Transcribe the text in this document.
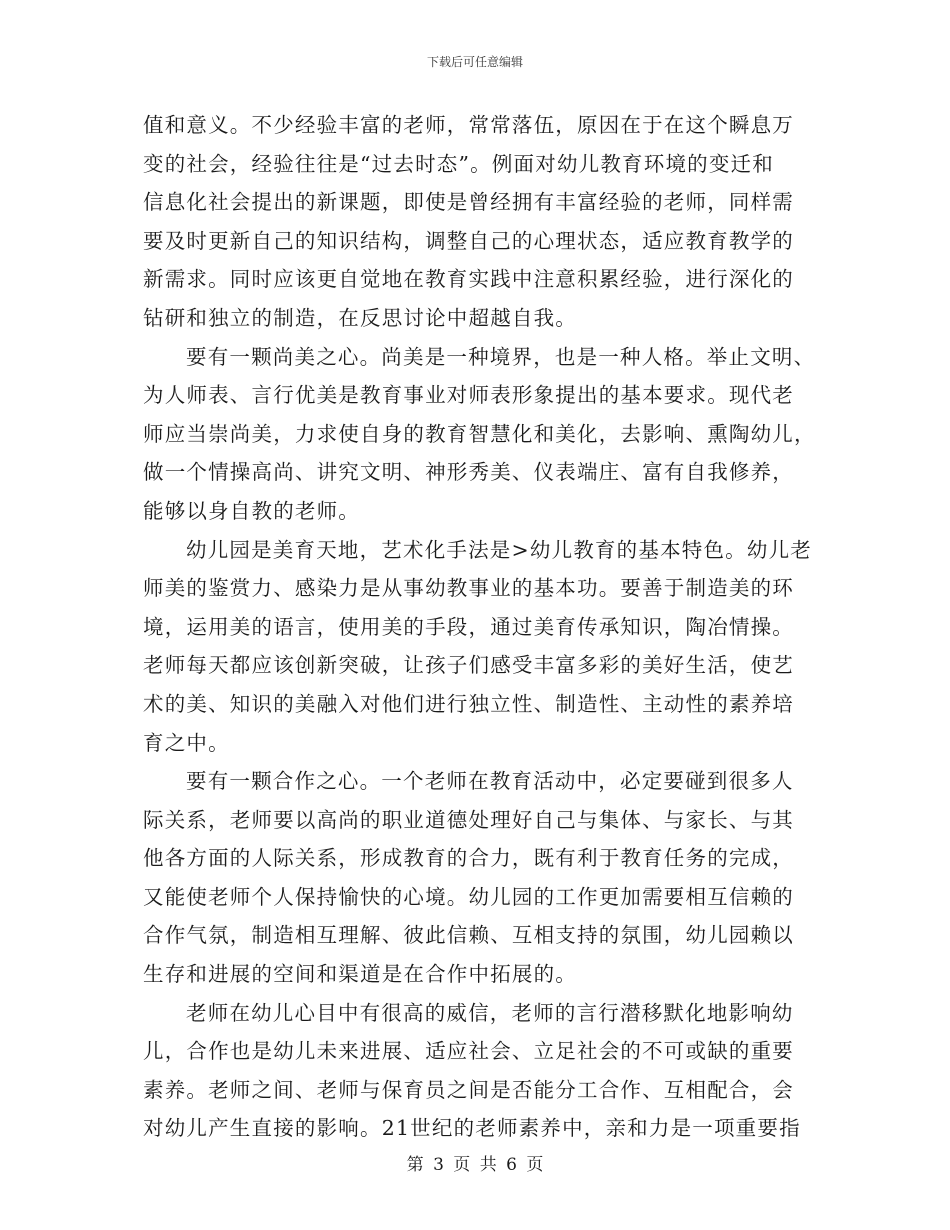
下载后可任意编辑
值和意义。不少经验丰富的老师，常常落伍，原因在于在这个瞬息万
变的社会，经验往往是“过去时态”。例面对幼儿教育环境的变迁和
信息化社会提出的新课题，即使是曾经拥有丰富经验的老师，同样需
要及时更新自己的知识结构，调整自己的心理状态，适应教育教学的
新需求。同时应该更自觉地在教育实践中注意积累经验，进行深化的
钻研和独立的制造，在反思讨论中超越自我。
要有一颗尚美之心。尚美是一种境界，也是一种人格。举止文明、
为人师表、言行优美是教育事业对师表形象提出的基本要求。现代老
师应当崇尚美，力求使自身的教育智慧化和美化，去影响、熏陶幼儿，
做一个情操高尚、讲究文明、神形秀美、仪表端庄、富有自我修养，
能够以身自教的老师。
幼儿园是美育天地，艺术化手法是>幼儿教育的基本特色。幼儿老
师美的鉴赏力、感染力是从事幼教事业的基本功。要善于制造美的环
境，运用美的语言，使用美的手段，通过美育传承知识，陶冶情操。
老师每天都应该创新突破，让孩子们感受丰富多彩的美好生活，使艺
术的美、知识的美融入对他们进行独立性、制造性、主动性的素养培
育之中。
要有一颗合作之心。一个老师在教育活动中，必定要碰到很多人
际关系，老师要以高尚的职业道德处理好自己与集体、与家长、与其
他各方面的人际关系，形成教育的合力，既有利于教育任务的完成，
又能使老师个人保持愉快的心境。幼儿园的工作更加需要相互信赖的
合作气氛，制造相互理解、彼此信赖、互相支持的氛围，幼儿园赖以
生存和进展的空间和渠道是在合作中拓展的。
老师在幼儿心目中有很高的威信，老师的言行潜移默化地影响幼
儿，合作也是幼儿未来进展、适应社会、立足社会的不可或缺的重要
素养。老师之间、老师与保育员之间是否能分工合作、互相配合，会
对幼儿产生直接的影响。21世纪的老师素养中，亲和力是一项重要指
第 3 页 共 6 页
